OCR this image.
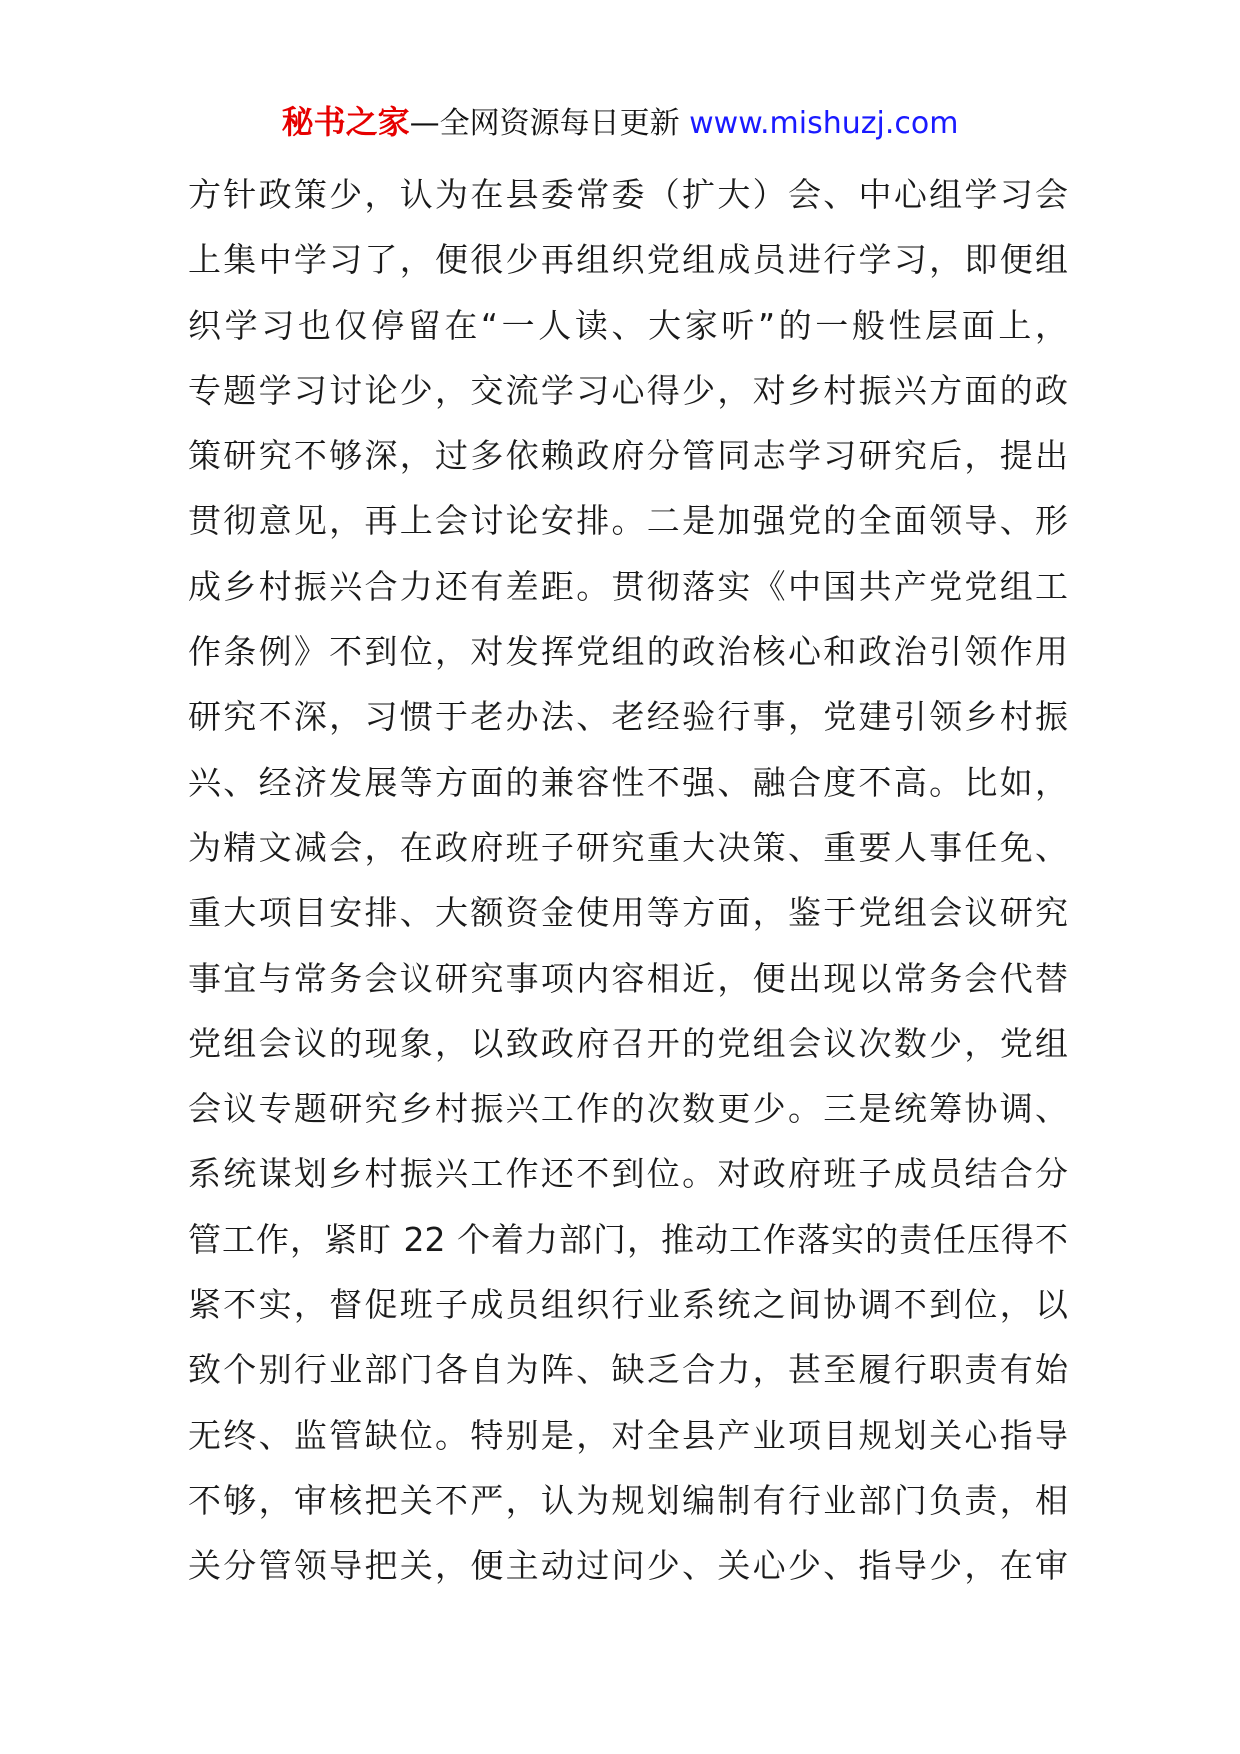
秘书之家—全网资源每日更新 www.mishuzj.com
方针政策少，认为在县委常委（扩大）会、中心组学习会
上集中学习了，便很少再组织党组成员进行学习，即便组
织学习也仅停留在“一人读、大家听”的一般性层面上，
专题学习讨论少，交流学习心得少，对乡村振兴方面的政
策研究不够深，过多依赖政府分管同志学习研究后，提出
贯彻意见，再上会讨论安排。二是加强党的全面领导、形
成乡村振兴合力还有差距。贯彻落实《中国共产党党组工
作条例》不到位，对发挥党组的政治核心和政治引领作用
研究不深，习惯于老办法、老经验行事，党建引领乡村振
兴、经济发展等方面的兼容性不强、融合度不高。比如，
为精文减会，在政府班子研究重大决策、重要人事任免、
重大项目安排、大额资金使用等方面，鉴于党组会议研究
事宜与常务会议研究事项内容相近，便出现以常务会代替
党组会议的现象，以致政府召开的党组会议次数少，党组
会议专题研究乡村振兴工作的次数更少。三是统筹协调、
系统谋划乡村振兴工作还不到位。对政府班子成员结合分
管工作，紧盯 22 个着力部门，推动工作落实的责任压得不
紧不实，督促班子成员组织行业系统之间协调不到位，以
致个别行业部门各自为阵、缺乏合力，甚至履行职责有始
无终、监管缺位。特别是，对全县产业项目规划关心指导
不够，审核把关不严，认为规划编制有行业部门负责，相
关分管领导把关，便主动过问少、关心少、指导少，在审
